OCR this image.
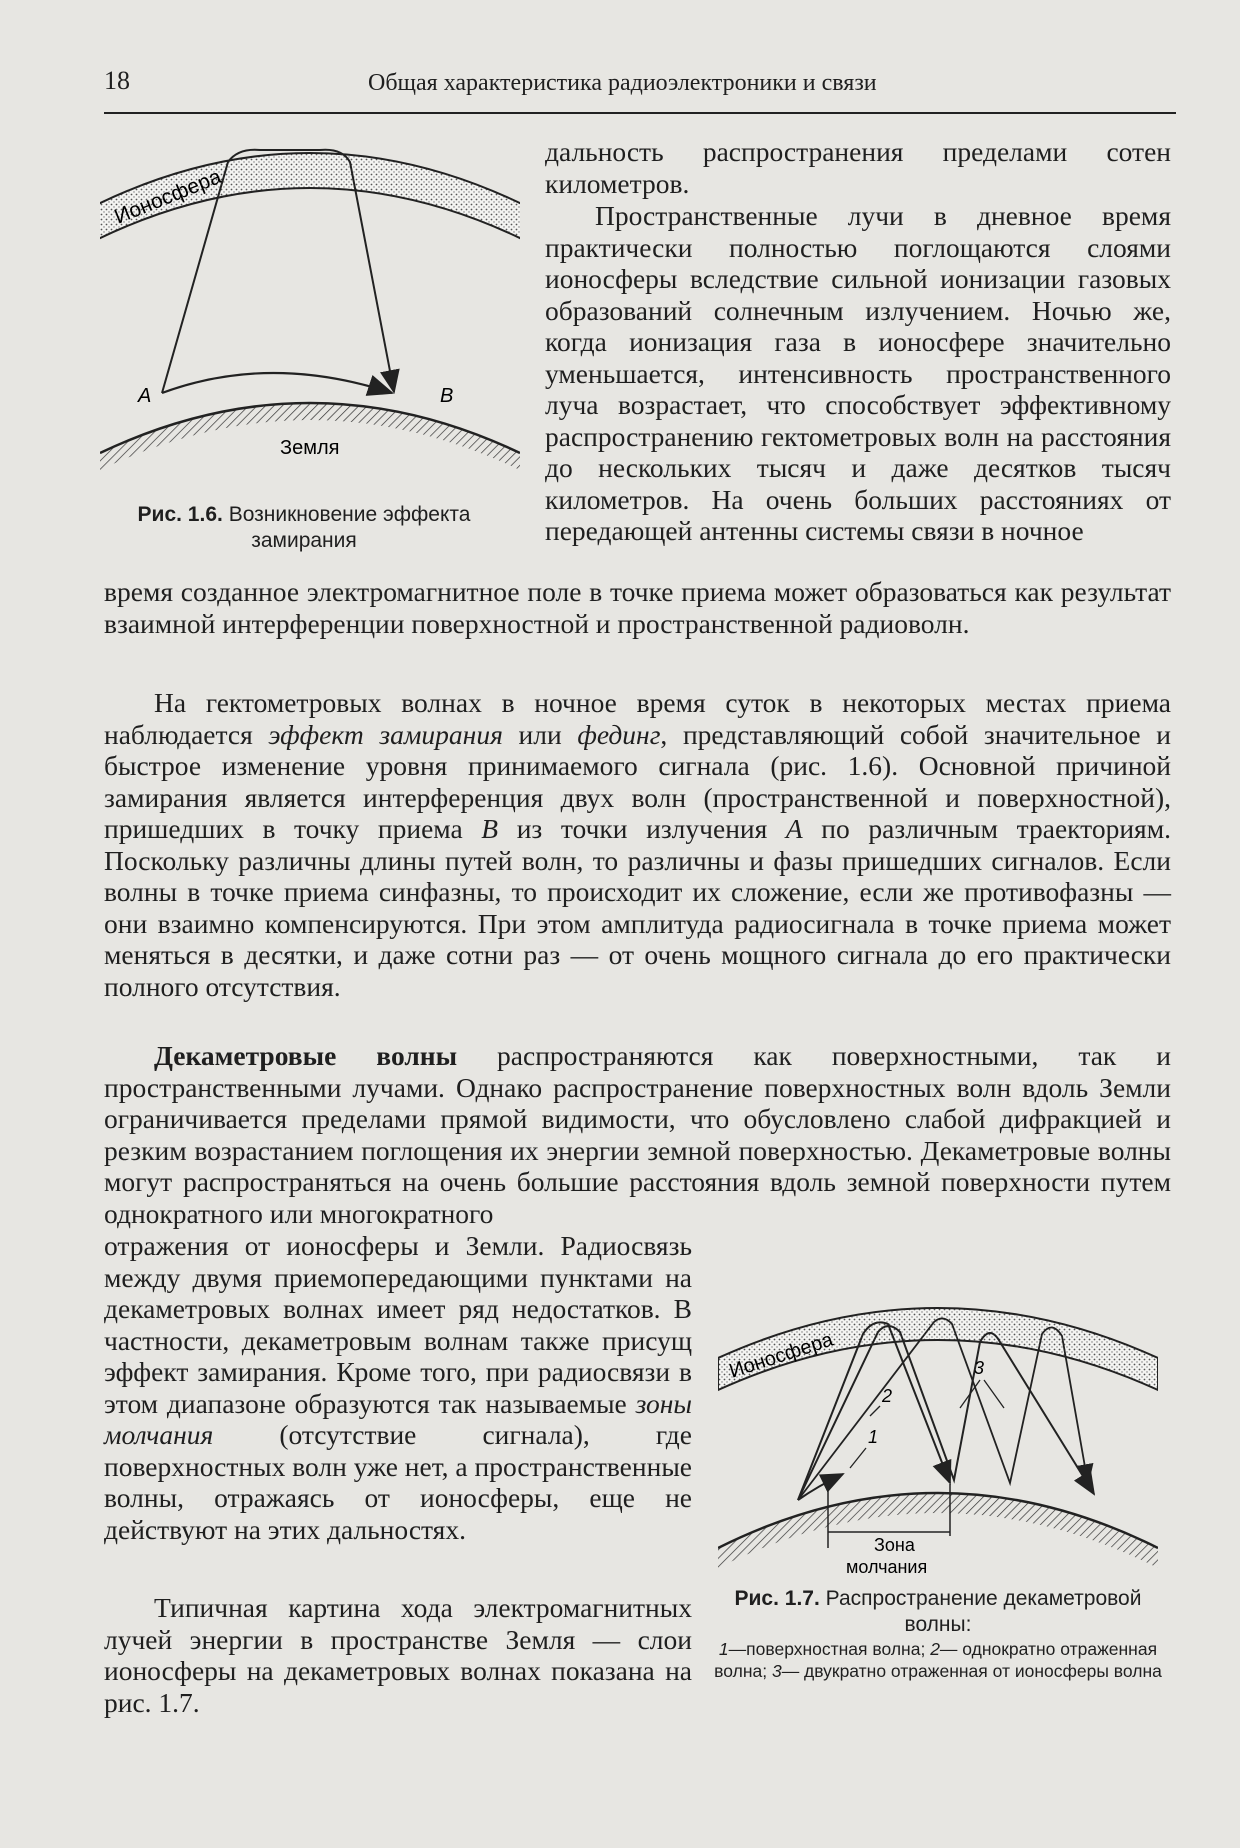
18	Общая характеристика радиоэлектроники и связи
Ионосфера
Земля
A	B
Рис. 1.6. Возникновение эффекта замирания

дальность распространения пределами сотен километров.

Пространственные лучи в дневное время практически полностью поглощаются слоями ионосферы вследствие сильной ионизации газовых образований солнечным излучением. Ночью же, когда ионизация газа в ионосфере значительно уменьшается, интенсивность пространственного луча возрастает, что способствует эффективному распространению гектометровых волн на расстояния до нескольких тысяч и даже десятков тысяч километров. На очень больших расстояниях от передающей антенны системы связи в ночное

время созданное электромагнитное поле в точке приема может образоваться как результат взаимной интерференции поверхностной и пространственной радиоволн.

На гектометровых волнах в ночное время суток в некоторых местах приема наблюдается эффект замирания или фединг, представляющий собой значительное и быстрое изменение уровня принимаемого сигнала (рис. 1.6). Основной причиной замирания является интерференция двух волн (пространственной и поверхностной), пришедших в точку приема B из точки излучения A по различным траекториям. Поскольку различны длины путей волн, то различны и фазы пришедших сигналов. Если волны в точке приема синфазны, то происходит их сложение, если же противофазны — они взаимно компенсируются. При этом амплитуда радиосигнала в точке приема может меняться в десятки, и даже сотни раз — от очень мощного сигнала до его практически полного отсутствия.

Декаметровые волны распространяются как поверхностными, так и пространственными лучами. Однако распространение поверхностных волн вдоль Земли ограничивается пределами прямой видимости, что обусловлено слабой дифракцией и резким возрастанием поглощения их энергии земной поверхностью. Декаметровые волны могут распространяться на очень большие расстояния вдоль земной поверхности путем однократного или многократного

отражения от ионосферы и Земли. Радиосвязь между двумя приемопередающими пунктами на декаметровых волнах имеет ряд недостатков. В частности, декаметровым волнам также присущ эффект замирания. Кроме того, при радиосвязи в этом диапазоне образуются так называемые зоны молчания (отсутствие сигнала), где поверхностных волн уже нет, а пространственные волны, отражаясь от ионосферы, еще не действуют на этих дальностях.

Типичная картина хода электромагнитных лучей энергии в пространстве Земля — слои ионосферы на декаметровых волнах показана на рис. 1.7.

Ионосфера
1
2
3
Зона
молчания
Рис. 1.7. Распространение декаметровой волны:
1—поверхностная волна; 2— однократно отраженная волна; 3— двукратно отраженная от ионосферы волна
